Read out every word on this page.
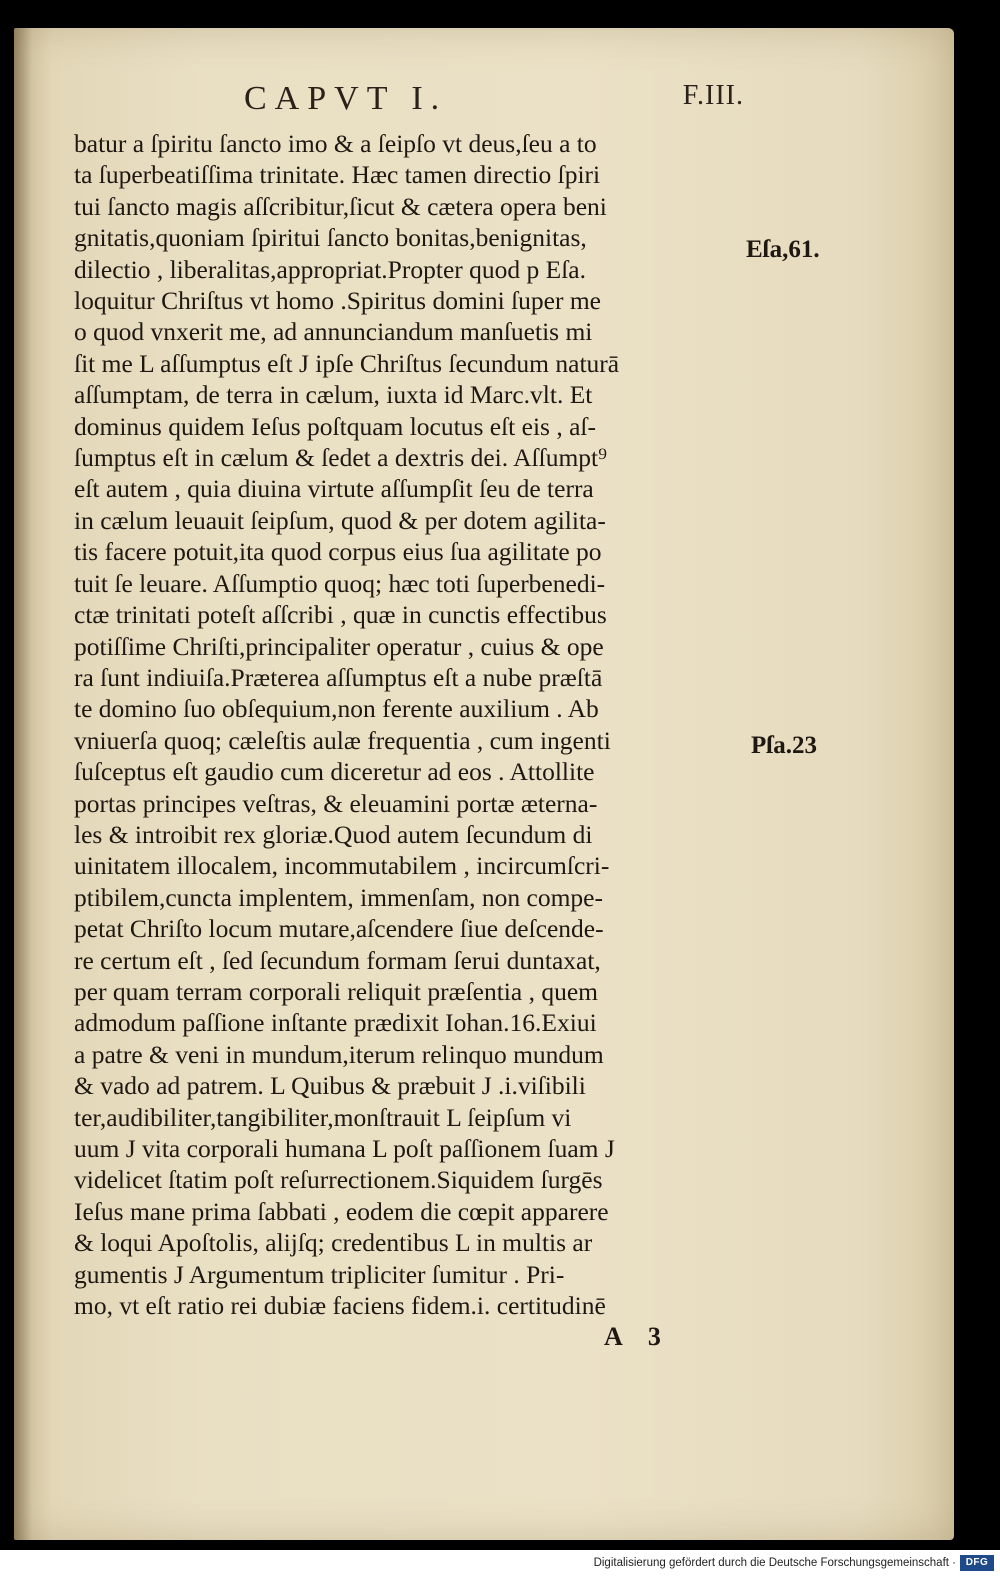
CAPVT I.	F.III.
batur a ſpiritu ſancto imo & a ſeipſo vt deus,ſeu a to
ta ſuperbeatiſſima trinitate. Hæc tamen directio ſpiri
tui ſancto magis aſſcribitur,ſicut & cætera opera beni
gnitatis,quoniam ſpiritui ſancto bonitas,benignitas,
dilectio , liberalitas,appropriat.Propter quod p Eſa.
loquitur Chriſtus vt homo .Spiritus domini ſuper me
o quod vnxerit me, ad annunciandum manſuetis mi
ſit me L aſſumptus eſt J ipſe Chriſtus ſecundum naturā
aſſumptam, de terra in cælum, iuxta id Marc.vlt. Et
dominus quidem Ieſus poſtquam locutus eſt eis , aſ-
ſumptus eſt in cælum & ſedet a dextris dei. Aſſumpt⁹
eſt autem , quia diuina virtute aſſumpſit ſeu de terra
in cælum leuauit ſeipſum, quod & per dotem agilita-
tis facere potuit,ita quod corpus eius ſua agilitate po
tuit ſe leuare. Aſſumptio quoq; hæc toti ſuperbenedi-
ctæ trinitati poteſt aſſcribi , quæ in cunctis effectibus
potiſſime Chriſti,principaliter operatur , cuius & ope
ra ſunt indiuiſa.Præterea aſſumptus eſt a nube præſtā
te domino ſuo obſequium,non ferente auxilium . Ab
vniuerſa quoq; cæleſtis aulæ frequentia , cum ingenti
ſuſceptus eſt gaudio cum diceretur ad eos . Attollite
portas principes veſtras, & eleuamini portæ æterna-
les & introibit rex gloriæ.Quod autem ſecundum di
uinitatem illocalem, incommutabilem , incircumſcri-
ptibilem,cuncta implentem, immenſam, non compe-
petat Chriſto locum mutare,aſcendere ſiue deſcende-
re certum eſt , ſed ſecundum formam ſerui duntaxat,
per quam terram corporali reliquit præſentia , quem
admodum paſſione inſtante prædixit Iohan.16.Exiui
a patre & veni in mundum,iterum relinquo mundum
& vado ad patrem. L Quibus & præbuit J .i.viſibili
ter,audibiliter,tangibiliter,monſtrauit L ſeipſum vi
uum J vita corporali humana L poſt paſſionem ſuam J
videlicet ſtatim poſt reſurrectionem.Siquidem ſurgēs
Ieſus mane prima ſabbati , eodem die cœpit apparere
& loqui Apoſtolis, alijſq; credentibus L in multis ar
gumentis J Argumentum tripliciter ſumitur . Pri-
mo, vt eſt ratio rei dubiæ faciens fidem.i. certitudinē
Eſa,61.
Pſa.23
A 3
Digitalisierung gefördert durch die Deutsche Forschungsgemeinschaft · DFG
